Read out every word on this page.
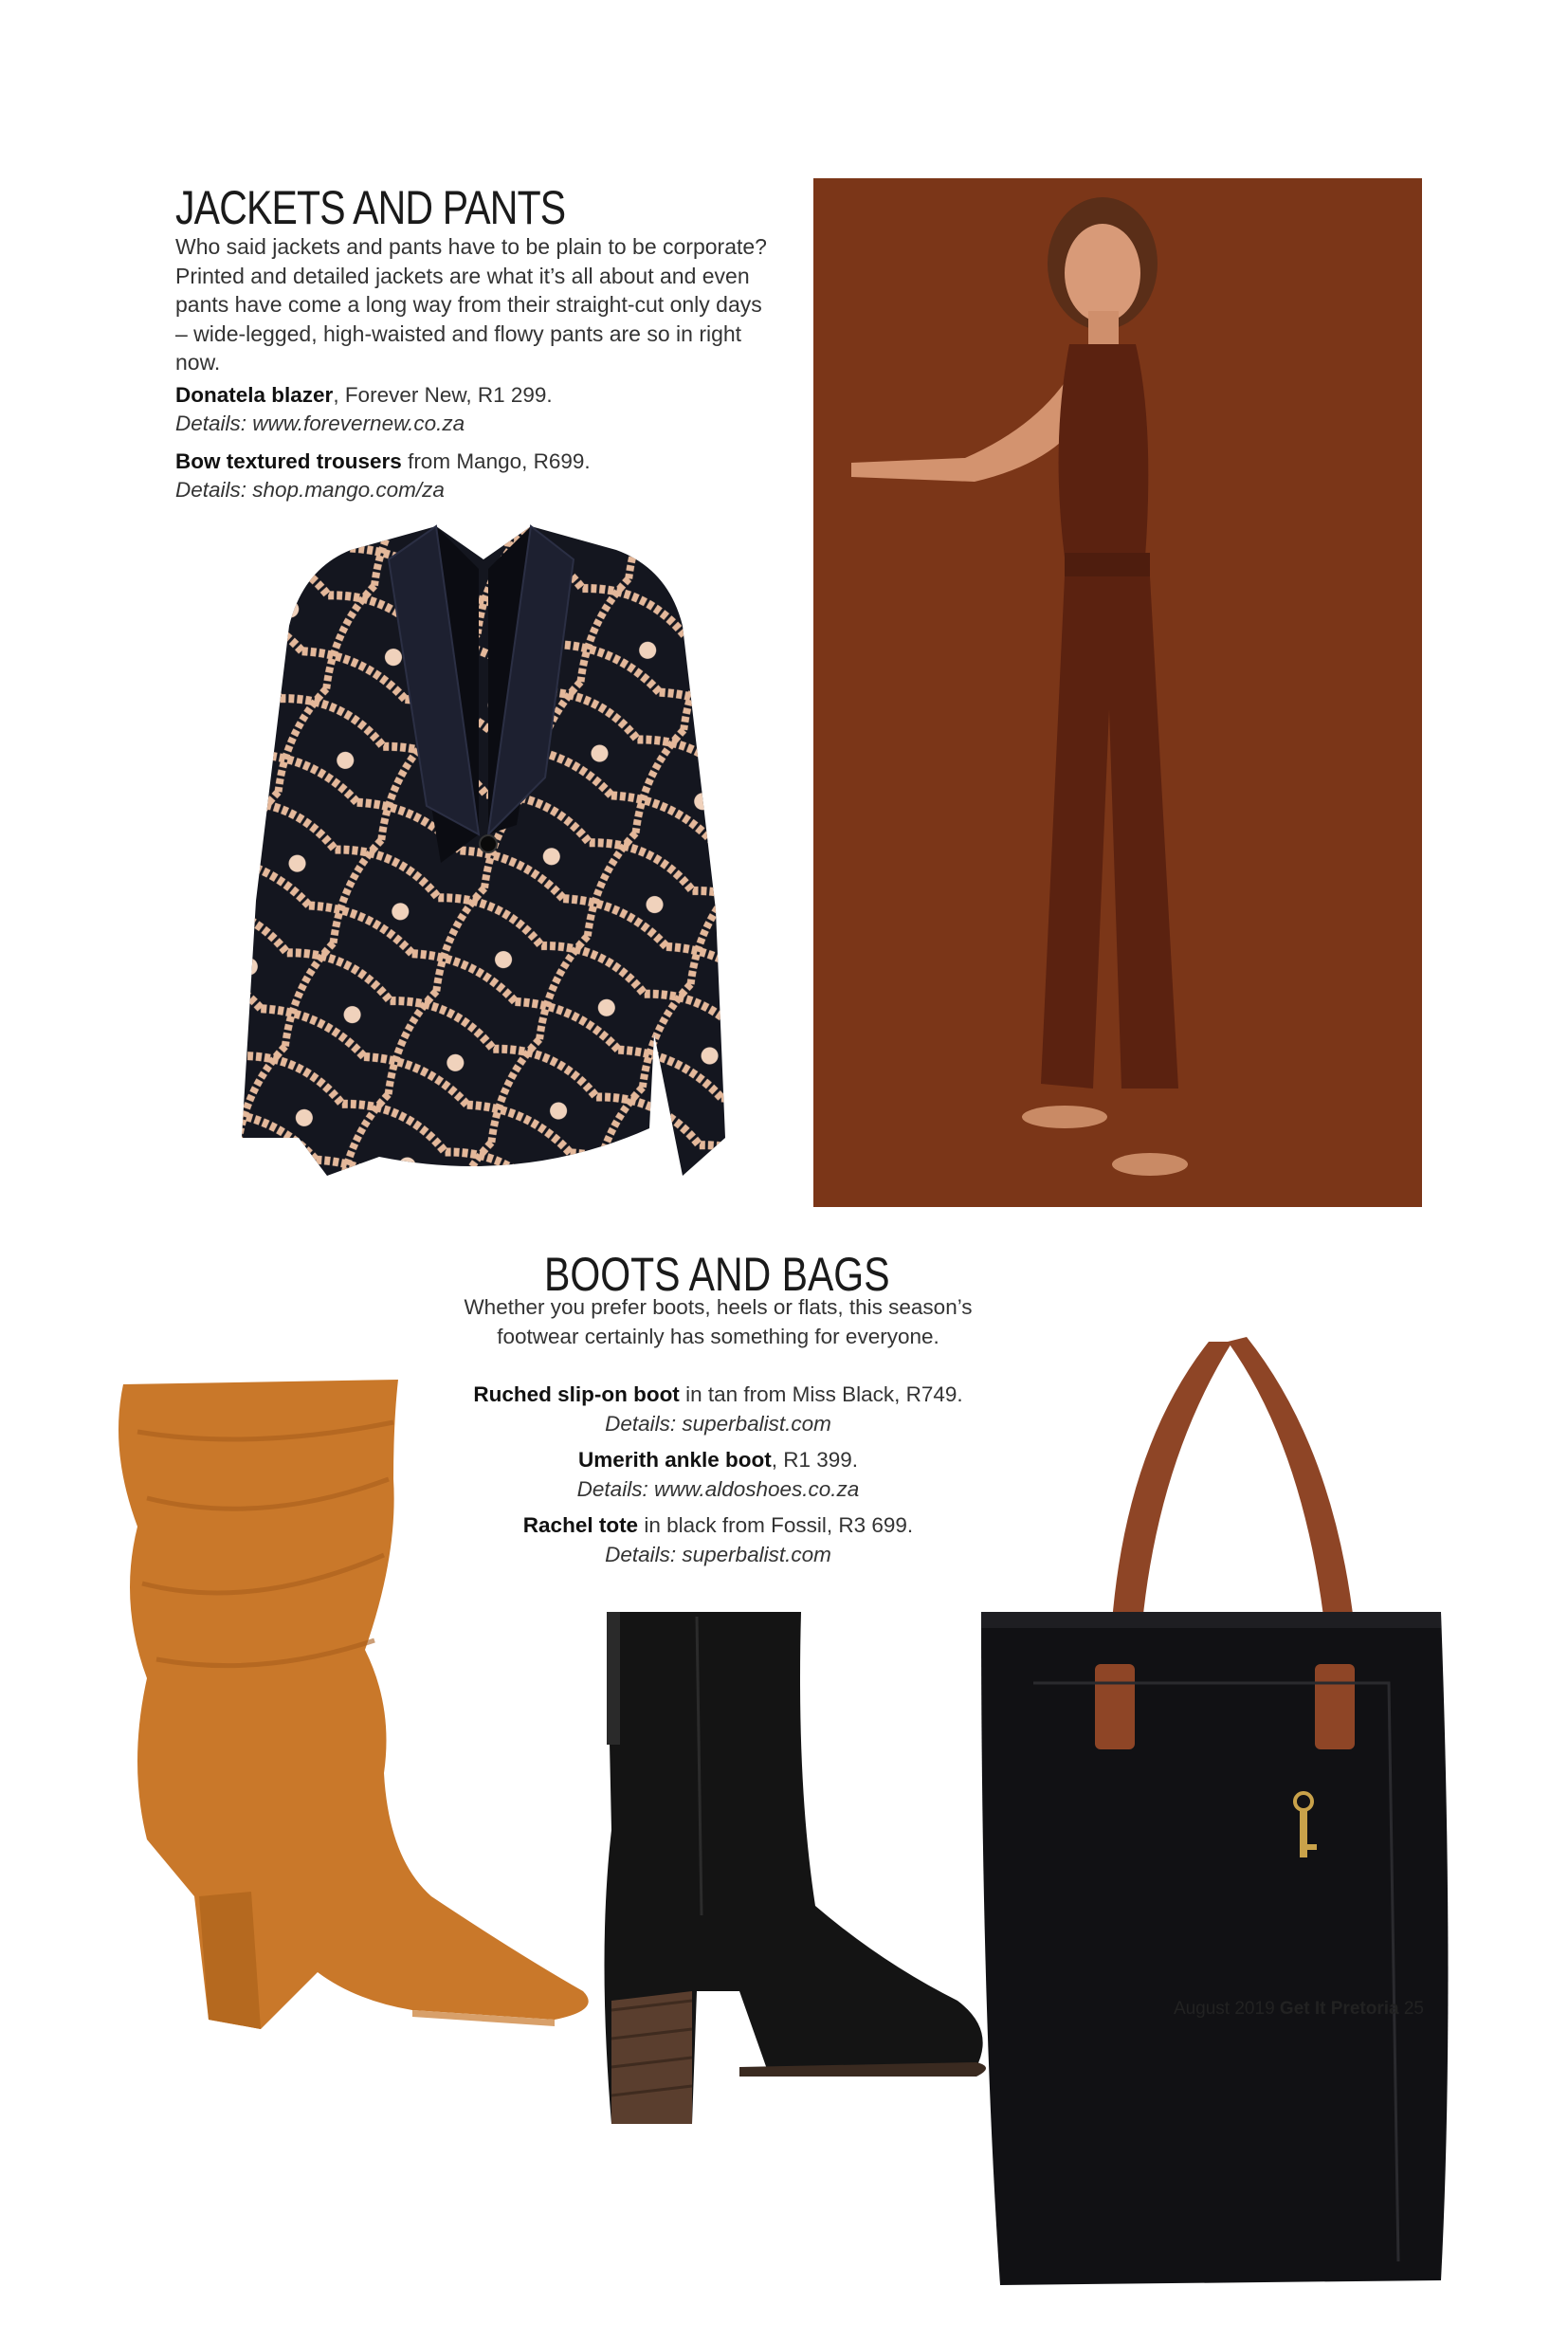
JACKETS AND PANTS

Who said jackets and pants have to be plain to be corporate? Printed and detailed jackets are what it’s all about and even pants have come a long way from their straight-cut only days – wide-legged, high-waisted and flowy pants are so in right now.

Donatela blazer, Forever New, R1 299.
Details: www.forevernew.co.za

Bow textured trousers from Mango, R699.
Details: shop.mango.com/za

BOOTS AND BAGS

Whether you prefer boots, heels or flats, this season’s footwear certainly has something for everyone.

Ruched slip-on boot in tan from Miss Black, R749.
Details: superbalist.com

Umerith ankle boot, R1 399.
Details: www.aldoshoes.co.za

Rachel tote in black from Fossil, R3 699.
Details: superbalist.com

August 2019 Get It Pretoria 25
